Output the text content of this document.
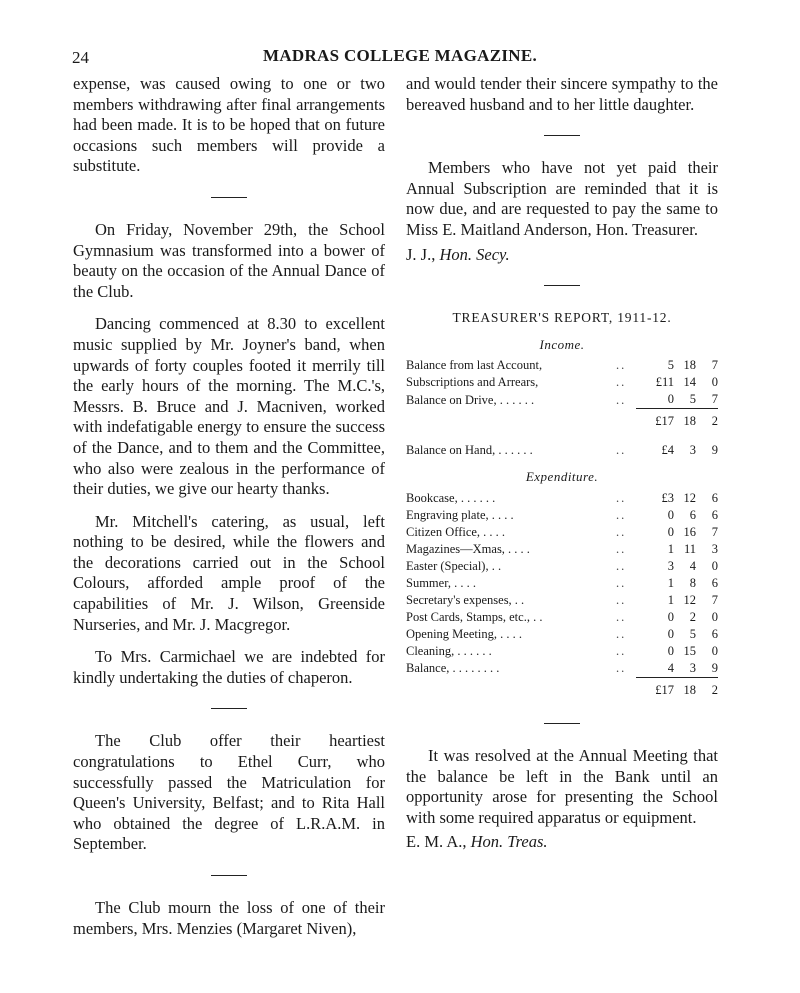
24	MADRAS COLLEGE MAGAZINE.

expense, was caused owing to one or two members withdrawing after final arrangements had been made. It is to be hoped that on future occasions such members will provide a substitute.

On Friday, November 29th, the School Gymnasium was transformed into a bower of beauty on the occasion of the Annual Dance of the Club.

Dancing commenced at 8.30 to excellent music supplied by Mr. Joyner's band, when upwards of forty couples footed it merrily till the early hours of the morning. The M.C.'s, Messrs. B. Bruce and J. Macniven, worked with indefatigable energy to ensure the success of the Dance, and to them and the Committee, who also were zealous in the performance of their duties, we give our hearty thanks.

Mr. Mitchell's catering, as usual, left nothing to be desired, while the flowers and the decorations carried out in the School Colours, afforded ample proof of the capabilities of Mr. J. Wilson, Greenside Nurseries, and Mr. J. Macgregor.

To Mrs. Carmichael we are indebted for kindly undertaking the duties of chaperon.

The Club offer their heartiest congratulations to Ethel Curr, who successfully passed the Matriculation for Queen's University, Belfast; and to Rita Hall who obtained the degree of L.R.A.M. in September.

The Club mourn the loss of one of their members, Mrs. Menzies (Margaret Niven),

and would tender their sincere sympathy to the bereaved husband and to her little daughter.

Members who have not yet paid their Annual Subscription are reminded that it is now due, and are requested to pay the same to Miss E. Maitland Anderson, Hon. Treasurer.

J. J., Hon. Secy.

TREASURER'S REPORT, 1911-12.
Income.
Balance from last Account,	..	5	18	7
Subscriptions and Arrears,	..	£11	14	0
Balance on Drive, . . . . . .	..	0	5	7
		£17	18	2

Balance on Hand, . . . . . .	..	£4	3	9
Expenditure.
Bookcase, . . . . . .	..	£3	12	6
Engraving plate, . . . .	..	0	6	6
Citizen Office, . . . .	..	0	16	7
Magazines—Xmas, . . . .	..	1	11	3
Easter (Special), . .	..	3	4	0
Summer, . . . .	..	1	8	6
Secretary's expenses, . .	..	1	12	7
Post Cards, Stamps, etc., . .	..	0	2	0
Opening Meeting, . . . .	..	0	5	6
Cleaning, . . . . . .	..	0	15	0
Balance, . . . . . . . .	..	4	3	9
		£17	18	2

It was resolved at the Annual Meeting that the balance be left in the Bank until an opportunity arose for presenting the School with some required apparatus or equipment.

E. M. A., Hon. Treas.
